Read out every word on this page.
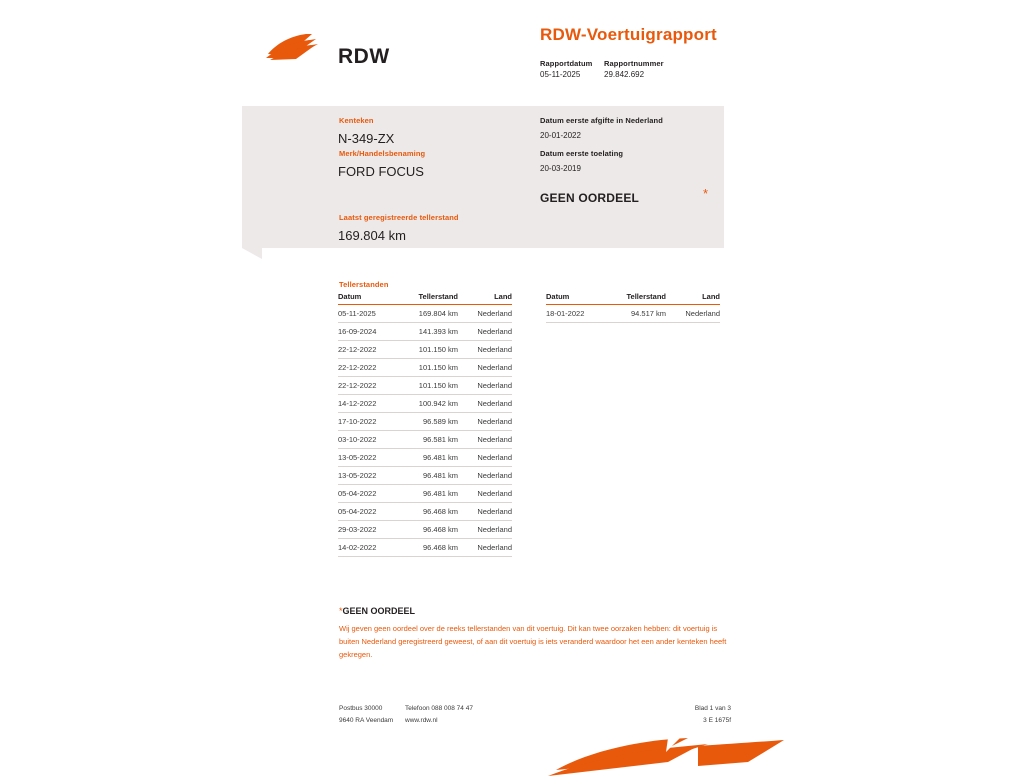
RDW
RDW-Voertuigrapport
Rapportdatum
05-11-2025
Rapportnummer
29.842.692
Kenteken
N-349-ZX
Merk/Handelsbenaming
FORD FOCUS
Laatst geregistreerde tellerstand
169.804 km
Datum eerste afgifte in Nederland
20-01-2022
Datum eerste toelating
20-03-2019
GEEN OORDEEL	*
Tellerstanden
Datum	Tellerstand	Land
05-11-2025	169.804 km	Nederland
16-09-2024	141.393 km	Nederland
22-12-2022	101.150 km	Nederland
22-12-2022	101.150 km	Nederland
22-12-2022	101.150 km	Nederland
14-12-2022	100.942 km	Nederland
17-10-2022	96.589 km	Nederland
03-10-2022	96.581 km	Nederland
13-05-2022	96.481 km	Nederland
13-05-2022	96.481 km	Nederland
05-04-2022	96.481 km	Nederland
05-04-2022	96.468 km	Nederland
29-03-2022	96.468 km	Nederland
14-02-2022	96.468 km	Nederland
Datum	Tellerstand	Land
18-01-2022	94.517 km	Nederland
*GEEN OORDEEL
Wij geven geen oordeel over de reeks tellerstanden van dit voertuig. Dit kan twee oorzaken hebben: dit voertuig is buiten Nederland geregistreerd geweest, of aan dit voertuig is iets veranderd waardoor het een ander kenteken heeft gekregen.
Postbus 30000
9640 RA Veendam
Telefoon 088 008 74 47
www.rdw.nl
Blad 1 van 3
3 E 1675f
